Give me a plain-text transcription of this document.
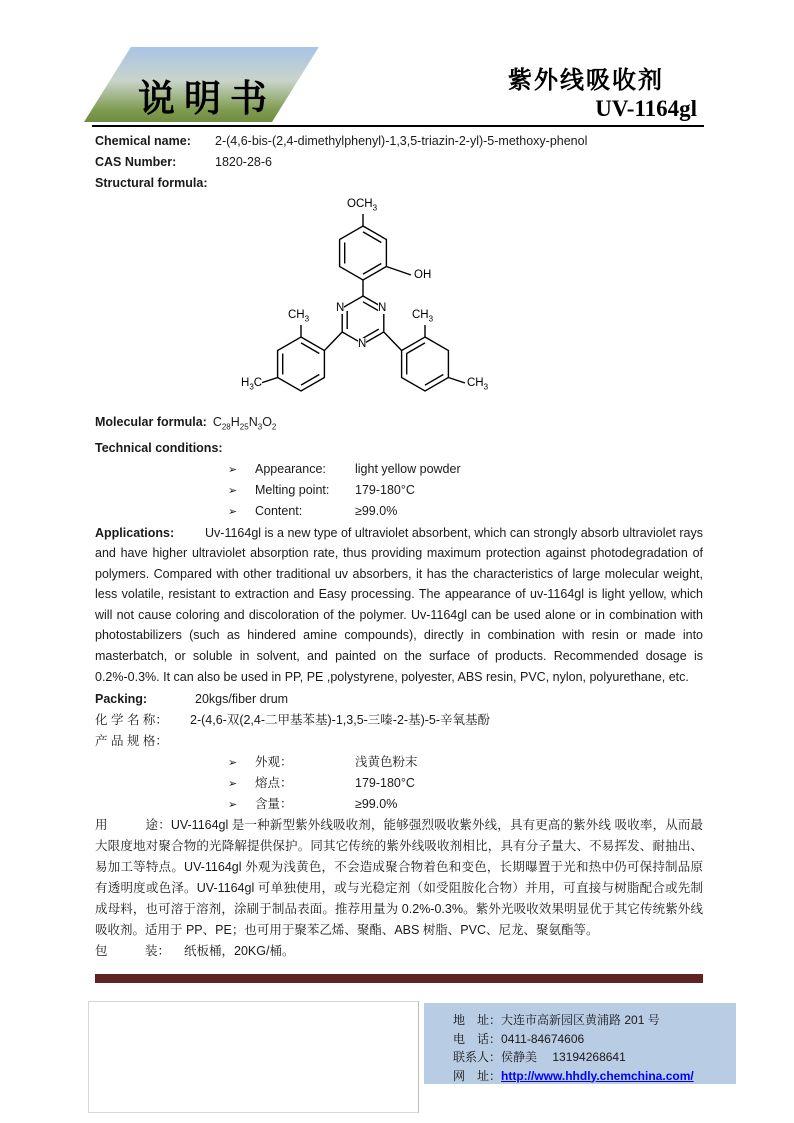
说明书	紫外线吸收剂
UV-1164gl
Chemical name:	2-(4,6-bis-(2,4-dimethylphenyl)-1,3,5-triazin-2-yl)-5-methoxy-phenol
CAS Number:	1820-28-6
Structural formula:
$OCH_3$
OH
N	N
N
$CH_3$
$H_3C$
$CH_3$
$CH_3$
Molecular formula: $C_{28}H_{25}N_3O_2$
Technical conditions:
➢	Appearance:	light yellow powder
➢	Melting point:	179-180°C
➢	Content:	≥99.0%

Applications: Uv-1164gl is a new type of ultraviolet absorbent, which can strongly absorb ultraviolet rays and have higher ultraviolet absorption rate, thus providing maximum protection against photodegradation of polymers. Compared with other traditional uv absorbers, it has the characteristics of large molecular weight, less volatile, resistant to extraction and Easy processing. The appearance of uv-1164gl is light yellow, which will not cause coloring and discoloration of the polymer. Uv-1164gl can be used alone or in combination with photostabilizers (such as hindered amine compounds), directly in combination with resin or made into masterbatch, or soluble in solvent, and painted on the surface of products. Recommended dosage is 0.2%-0.3%. It can also be used in PP, PE ,polystyrene, polyester, ABS resin, PVC, nylon, polyurethane, etc.

Packing:	20kgs/fiber drum
化 学 名 称：	2-(4,6-双(2,4-二甲基苯基)-1,3,5-三嗪-2-基)-5-辛氧基酚
产 品 规 格：
➢	外观：	浅黄色粉末
➢	熔点：	179-180°C
➢	含量：	≥99.0%

用　　　途：UV-1164gl 是一种新型紫外线吸收剂，能够强烈吸收紫外线，具有更高的紫外线 吸收率，从而最大限度地对聚合物的光降解提供保护。同其它传统的紫外线吸收剂相比，具有分子量大、不易挥发、耐抽出、易加工等特点。UV-1164gl 外观为浅黄色，不会造成聚合物着色和变色，长期曝置于光和热中仍可保持制品原有透明度或色泽。UV-1164gl 可单独使用，或与光稳定剂（如受阻胺化合物）并用，可直接与树脂配合或先制成母料，也可溶于溶剂，涂刷于制品表面。推荐用量为 0.2%-0.3%。紫外光吸收效果明显优于其它传统紫外线吸收剂。适用于 PP、PE；也可用于聚苯乙烯、聚酯、ABS 树脂、PVC、尼龙、聚氨酯等。

包　　　装： 纸板桶，20KG/桶。
地　址：大连市高新园区黄浦路 201 号
电　话：0411-84674606
联系人：侯静美　 13194268641
网　址：http://www.hhdly.chemchina.com/
